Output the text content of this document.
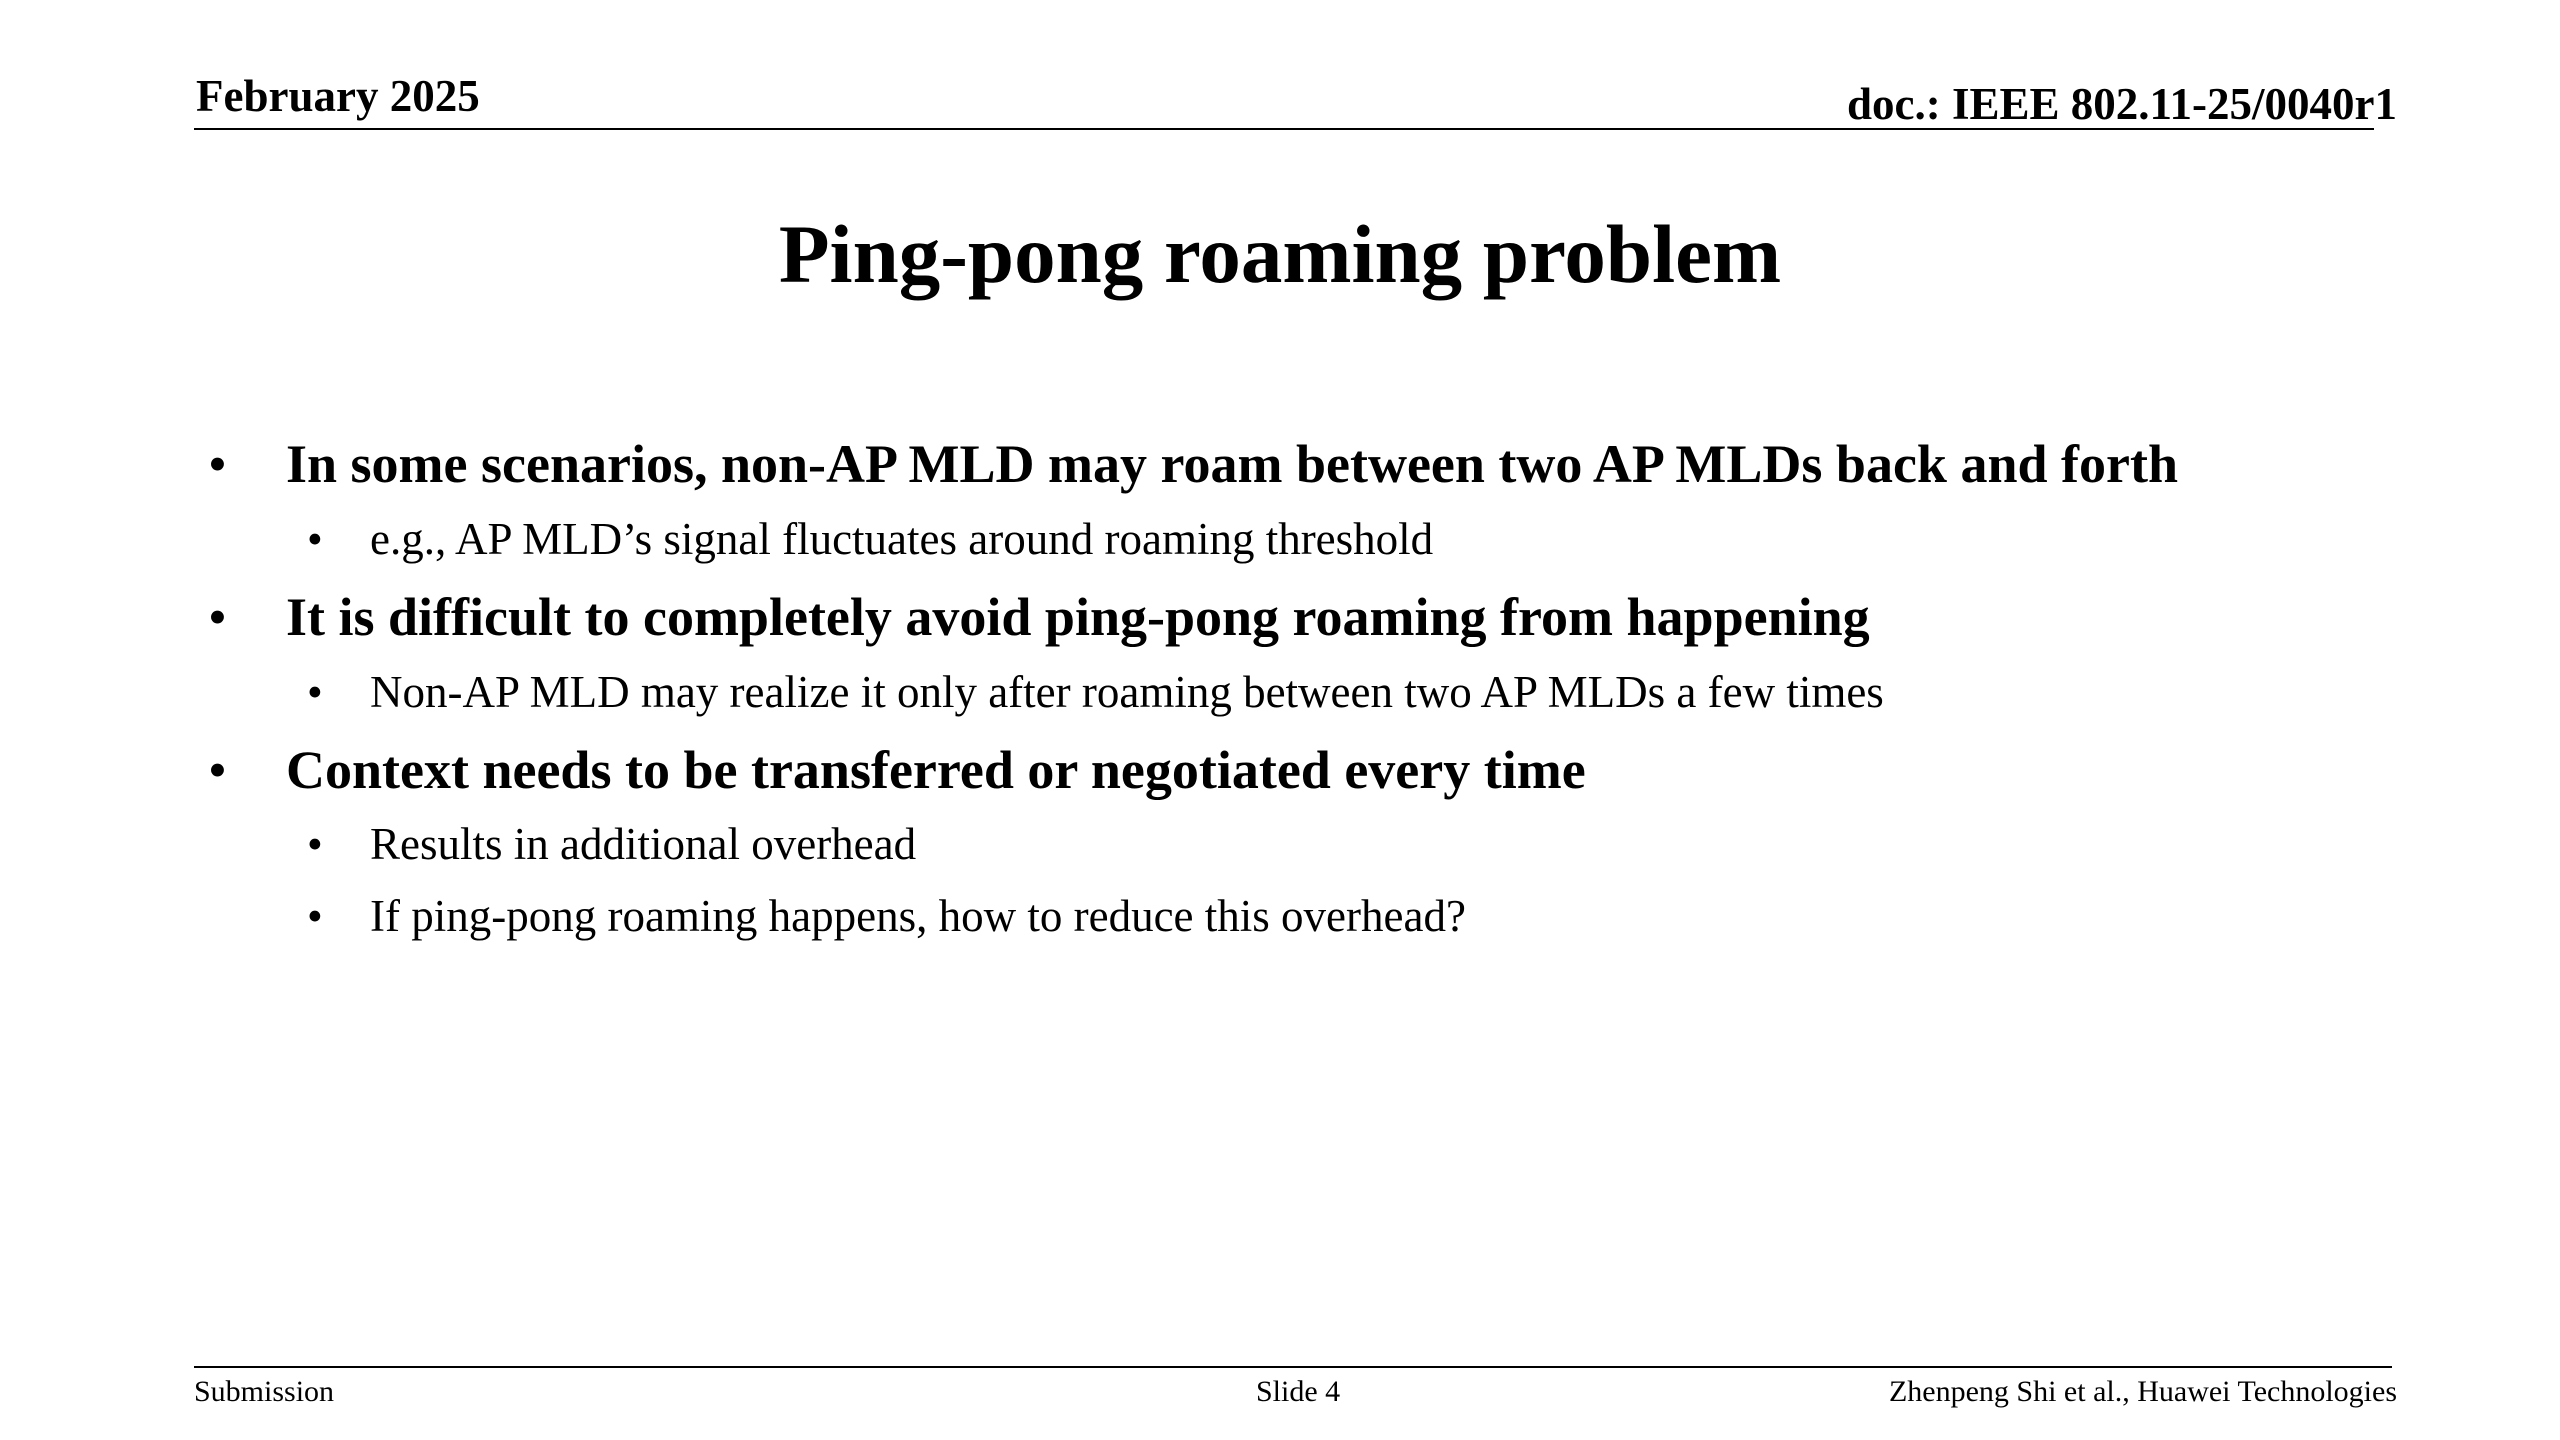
February 2025	doc.: IEEE 802.11-25/0040r1
Ping-pong roaming problem
• In some scenarios, non-AP MLD may roam between two AP MLDs back and forth
• e.g., AP MLD’s signal fluctuates around roaming threshold
• It is difficult to completely avoid ping-pong roaming from happening
• Non-AP MLD may realize it only after roaming between two AP MLDs a few times
• Context needs to be transferred or negotiated every time
• Results in additional overhead
• If ping-pong roaming happens, how to reduce this overhead?
Submission	Slide 4	Zhenpeng Shi et al., Huawei Technologies
